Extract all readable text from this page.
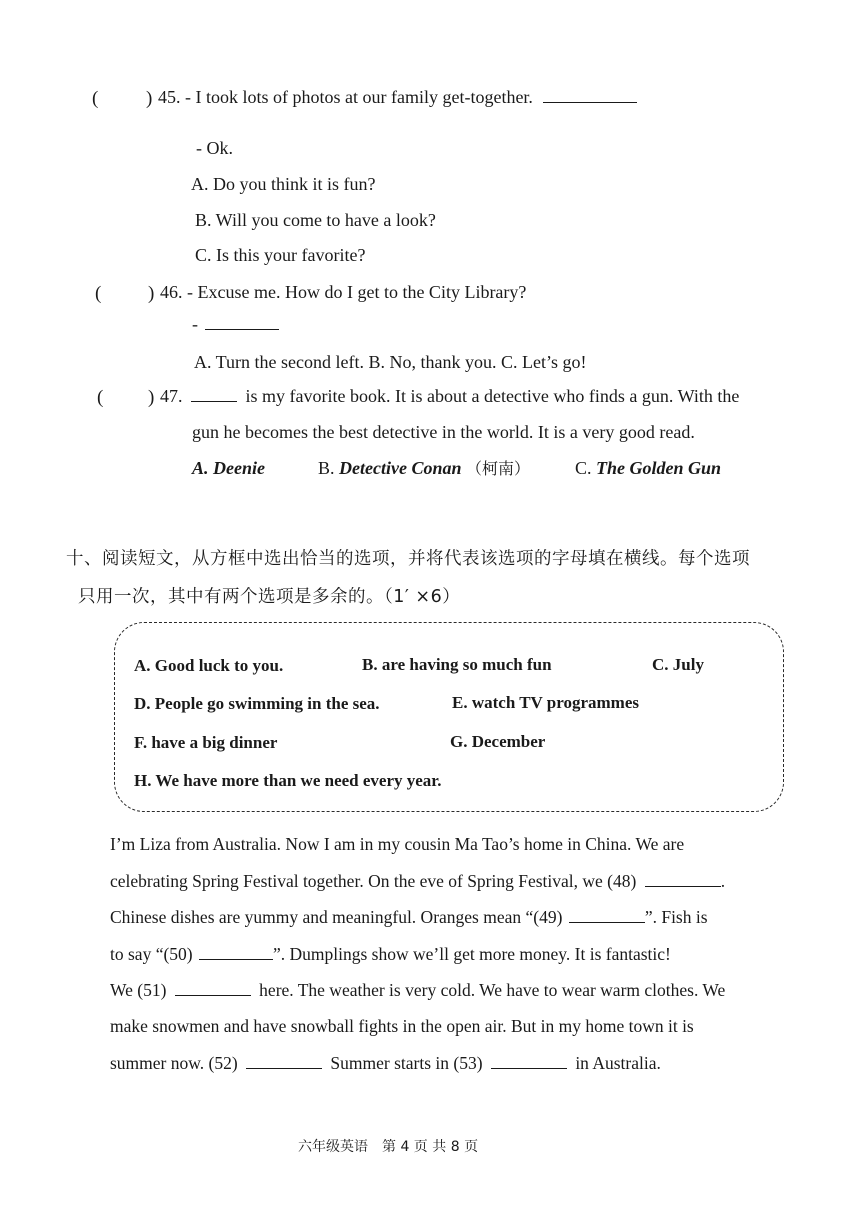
(	) 45. - I took lots of photos at our family get-together.
- Ok.
A. Do you think it is fun?
B. Will you come to have a look?
C. Is this your favorite?
( ) 46. - Excuse me. How do I get to the City Library?
-
A. Turn the second left. B. No, thank you. C. Let’s go!
( ) 47.	is my favorite book. It is about a detective who finds a gun. With the
gun he becomes the best detective in the world. It is a very good read.
A. Deenie	B. Detective Conan （柯南）	C. The Golden Gun
十、阅读短文，从方框中选出恰当的选项，并将代表该选项的字母填在横线。每个选项
只用一次，其中有两个选项是多余的。（1′ ×6）
A. Good luck to you.	B. are having so much fun	C. July
D. People go swimming in the sea.	E. watch TV programmes
F. have a big dinner	G. December
H. We have more than we need every year.
I’m Liza from Australia. Now I am in my cousin Ma Tao’s home in China. We are
celebrating Spring Festival together. On the eve of Spring Festival, we (48)	.
Chinese dishes are yummy and meaningful. Oranges mean “(49)	”. Fish is
to say “(50)	”. Dumplings show we’ll get more money. It is fantastic!
We (51)	here. The weather is very cold. We have to wear warm clothes. We
make snowmen and have snowball fights in the open air. But in my home town it is
summer now. (52)	Summer starts in (53)	in Australia.
六年级英语　第 4 页 共 8 页
